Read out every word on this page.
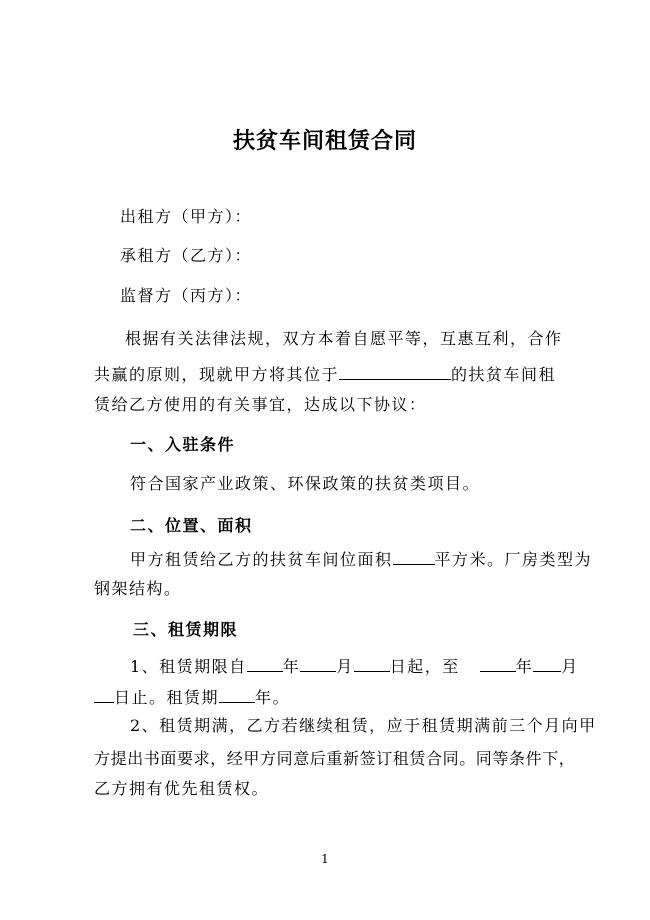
扶贫车间租赁合同
出租方（甲方）：
承租方（乙方）：
监督方（丙方）：
根据有关法律法规，双方本着自愿平等，互惠互利，合作
共赢的原则，现就甲方将其位于	的扶贫车间租
赁给乙方使用的有关事宜，达成以下协议：
一、入驻条件
符合国家产业政策、环保政策的扶贫类项目。
二、位置、面积
甲方租赁给乙方的扶贫车间位面积	平方米。厂房类型为
钢架结构。
三、租赁期限
1、租赁期限自 年 月 日起，至	年 月
日止。租赁期 年。
2、租赁期满，乙方若继续租赁，应于租赁期满前三个月向甲
方提出书面要求，经甲方同意后重新签订租赁合同。同等条件下，
乙方拥有优先租赁权。
1
